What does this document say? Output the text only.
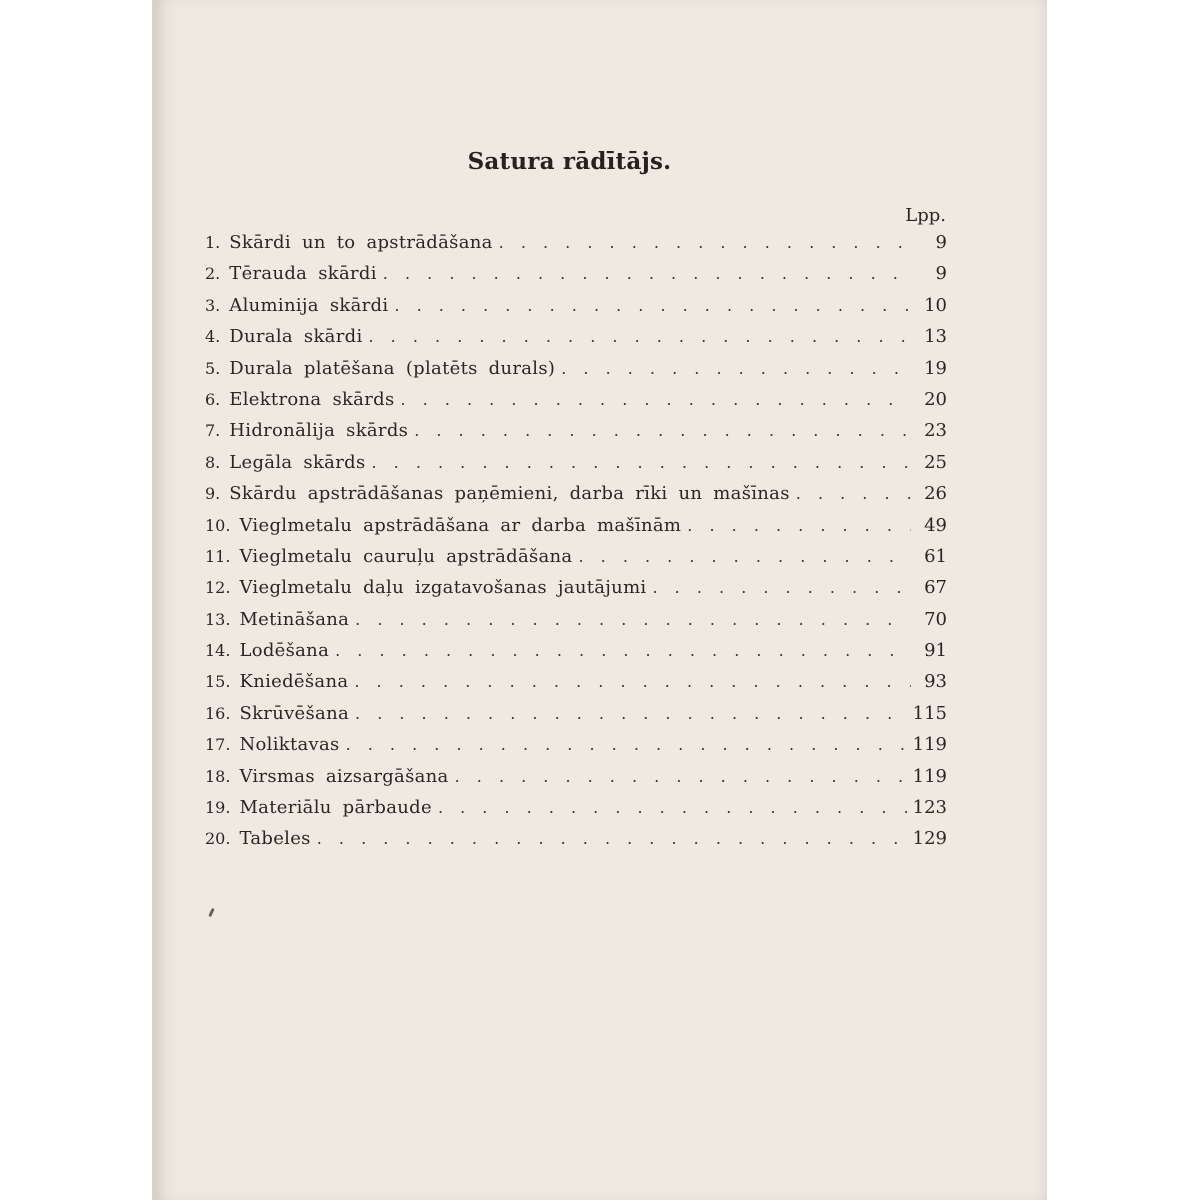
Satura rādītājs.
Lpp.
1. Skārdi un to apstrādāšana . . .	9
2. Tērauda skārdi . . .	9
3. Aluminija skārdi . . .	10
4. Durala skārdi . . .	13
5. Durala platēšana (platēts durals) . . .	19
6. Elektrona skārds . . .	20
7. Hidronālija skārds . . .	23
8. Legāla skārds . . .	25
9. Skārdu apstrādāšanas paņēmieni, darba rīki un mašīnas . . .	26
10. Vieglmetalu apstrādāšana ar darba mašīnām . . .	49
11. Vieglmetalu cauruļu apstrādāšana . . .	61
12. Vieglmetalu daļu izgatavošanas jautājumi . . .	67
13. Metināšana . . .	70
14. Lodēšana . . .	91
15. Kniedēšana . . .	93
16. Skrūvēšana . . .	115
17. Noliktavas . . .	119
18. Virsmas aizsargāšana . . .	119
19. Materiālu pārbaude . . .	123
20. Tabeles . . .	129
